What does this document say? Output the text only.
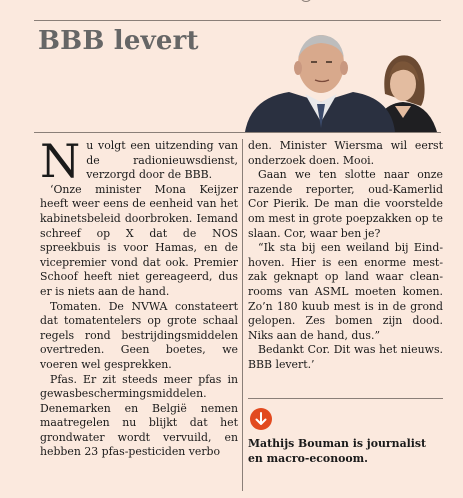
BBB levert

Nu volgt een uitzending van de radionieuwsdienst, verzorgd door de BBB.

‘Onze minister Mona Keijzer heeft weer eens de eenheid van het kabinetsbeleid doorbroken. Iemand schreef op X dat de NOS spreekbuis is voor Hamas, en de vicepremier vond dat ook. Premier Schoof heeft niet gereageerd, dus er is niets aan de hand.

Tomaten. De NVWA constateert dat tomatentelers op grote schaal regels rond bestrijdingsmiddelen overtreden. Geen boetes, we voeren wel gesprekken.

Pfas. Er zit steeds meer pfas in gewasbeschermingsmiddelen. Denemarken en België nemen maatregelen nu blijkt dat het grondwater wordt vervuild, en hebben 23 pfas-pesticiden verbo

den. Minister Wiersma wil eerst onderzoek doen. Mooi.

Gaan we ten slotte naar onze razende reporter, oud-Kamerlid Cor Pierik. De man die voorstelde om mest in grote poepzakken op te slaan. Cor, waar ben je?

“Ik sta bij een weiland bij Eindhoven. Hier is een enorme mestzak geknapt op land waar cleanrooms van ASML moeten komen. Zo’n 180 kuub mest is in de grond gelopen. Zes bomen zijn dood. Niks aan de hand, dus.”

Bedankt Cor. Dit was het nieuws. BBB levert.’

Mathijs Bouman is journalist en macro-econoom.
